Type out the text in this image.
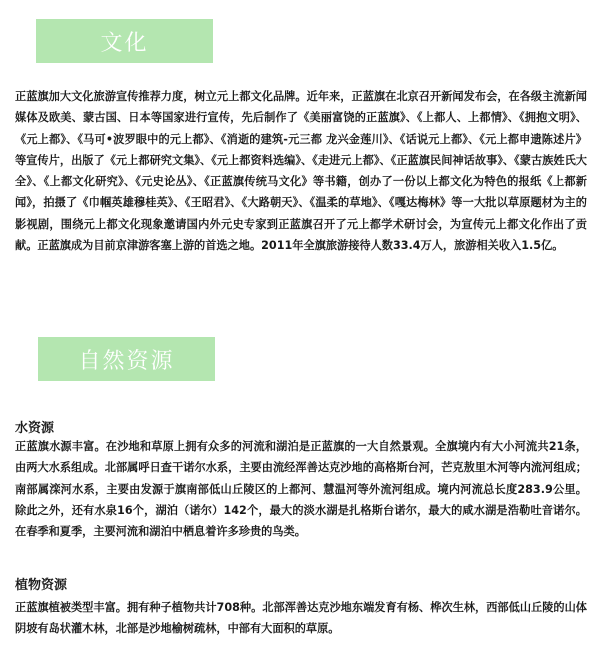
文化

正蓝旗加大文化旅游宣传推荐力度，树立元上都文化品牌。近年来，正蓝旗在北京召开新闻发布会，在各级主流新闻媒体及欧美、蒙古国、日本等国家进行宣传，先后制作了《美丽富饶的正蓝旗》、《上都人、上都情》、《拥抱文明》、《元上都》、《马可•波罗眼中的元上都》、《消逝的建筑-元三都 龙兴金莲川》、《话说元上都》、《元上都申遗陈述片》等宣传片，出版了《元上都研究文集》、《元上都资料选编》、《走进元上都》、《正蓝旗民间神话故事》、《蒙古族姓氏大全》、《上都文化研究》、《元史论丛》、《正蓝旗传统马文化》等书籍，创办了一份以上都文化为特色的报纸《上都新闻》，拍摄了《巾帼英雄穆桂英》、《王昭君》、《大路朝天》、《温柔的草地》、《嘎达梅林》等一大批以草原题材为主的影视剧，围绕元上都文化现象邀请国内外元史专家到正蓝旗召开了元上都学术研讨会，为宣传元上都文化作出了贡献。正蓝旗成为目前京津游客塞上游的首选之地。2011年全旗旅游接待人数33.4万人，旅游相关收入1.5亿。

自然资源
水资源

正蓝旗水源丰富。在沙地和草原上拥有众多的河流和湖泊是正蓝旗的一大自然景观。全旗境内有大小河流共21条，由两大水系组成。北部属呼日查干诺尔水系，主要由流经浑善达克沙地的高格斯台河，芒克敖里木河等内流河组成；南部属滦河水系，主要由发源于旗南部低山丘陵区的上都河、慧温河等外流河组成。境内河流总长度283.9公里。除此之外，还有水泉16个，湖泊（诺尔）142个，最大的淡水湖是扎格斯台诺尔，最大的咸水湖是浩勒吐音诺尔。在春季和夏季，主要河流和湖泊中栖息着许多珍贵的鸟类。

植物资源

正蓝旗植被类型丰富。拥有种子植物共计708种。北部浑善达克沙地东端发育有杨、桦次生林，西部低山丘陵的山体阴坡有岛状灌木林，北部是沙地榆树疏林，中部有大面积的草原。
